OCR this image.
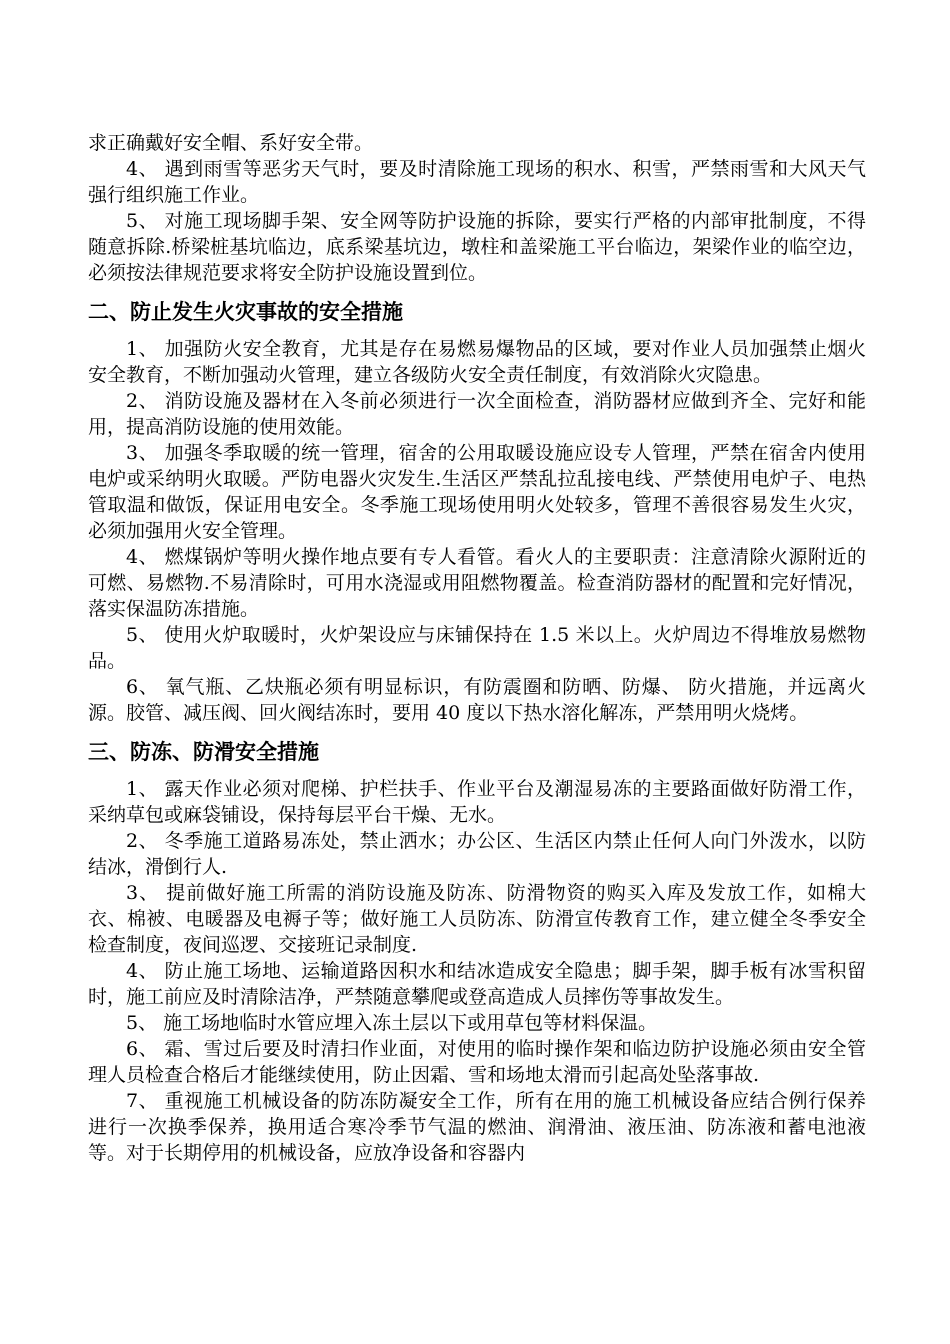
求正确戴好安全帽、系好安全带。

4、 遇到雨雪等恶劣天气时，要及时清除施工现场的积水、积雪，严禁雨雪和大风天气强行组织施工作业。

5、 对施工现场脚手架、安全网等防护设施的拆除，要实行严格的内部审批制度，不得随意拆除.桥梁桩基坑临边，底系梁基坑边，墩柱和盖梁施工平台临边，架梁作业的临空边，必须按法律规范要求将安全防护设施设置到位。

二、防止发生火灾事故的安全措施

1、 加强防火安全教育，尤其是存在易燃易爆物品的区域，要对作业人员加强禁止烟火安全教育，不断加强动火管理，建立各级防火安全责任制度，有效消除火灾隐患。

2、 消防设施及器材在入冬前必须进行一次全面检查，消防器材应做到齐全、完好和能用，提高消防设施的使用效能。

3、 加强冬季取暖的统一管理，宿舍的公用取暖设施应设专人管理，严禁在宿舍内使用电炉或采纳明火取暖。严防电器火灾发生.生活区严禁乱拉乱接电线、严禁使用电炉子、电热管取温和做饭，保证用电安全。冬季施工现场使用明火处较多，管理不善很容易发生火灾，必须加强用火安全管理。

4、 燃煤锅炉等明火操作地点要有专人看管。看火人的主要职责：注意清除火源附近的可燃、易燃物.不易清除时，可用水浇湿或用阻燃物覆盖。检查消防器材的配置和完好情况，落实保温防冻措施。

5、 使用火炉取暖时，火炉架设应与床铺保持在 1.5 米以上。火炉周边不得堆放易燃物品。

6、 氧气瓶、乙炔瓶必须有明显标识，有防震圈和防晒、防爆、 防火措施，并远离火源。胶管、减压阀、回火阀结冻时，要用 40 度以下热水溶化解冻，严禁用明火烧烤。

三、防冻、防滑安全措施

1、 露天作业必须对爬梯、护栏扶手、作业平台及潮湿易冻的主要路面做好防滑工作，采纳草包或麻袋铺设，保持每层平台干燥、无水。

2、 冬季施工道路易冻处，禁止洒水；办公区、生活区内禁止任何人向门外泼水，以防结冰，滑倒行人.

3、 提前做好施工所需的消防设施及防冻、防滑物资的购买入库及发放工作，如棉大衣、棉被、电暖器及电褥子等；做好施工人员防冻、防滑宣传教育工作，建立健全冬季安全检查制度，夜间巡逻、交接班记录制度.

4、 防止施工场地、运输道路因积水和结冰造成安全隐患；脚手架，脚手板有冰雪积留时，施工前应及时清除洁净，严禁随意攀爬或登高造成人员摔伤等事故发生。

5、 施工场地临时水管应埋入冻土层以下或用草包等材料保温。

6、 霜、雪过后要及时清扫作业面，对使用的临时操作架和临边防护设施必须由安全管理人员检查合格后才能继续使用，防止因霜、雪和场地太滑而引起高处坠落事故.

7、 重视施工机械设备的防冻防凝安全工作，所有在用的施工机械设备应结合例行保养进行一次换季保养，换用适合寒冷季节气温的燃油、润滑油、液压油、防冻液和蓄电池液等。对于长期停用的机械设备，应放净设备和容器内
